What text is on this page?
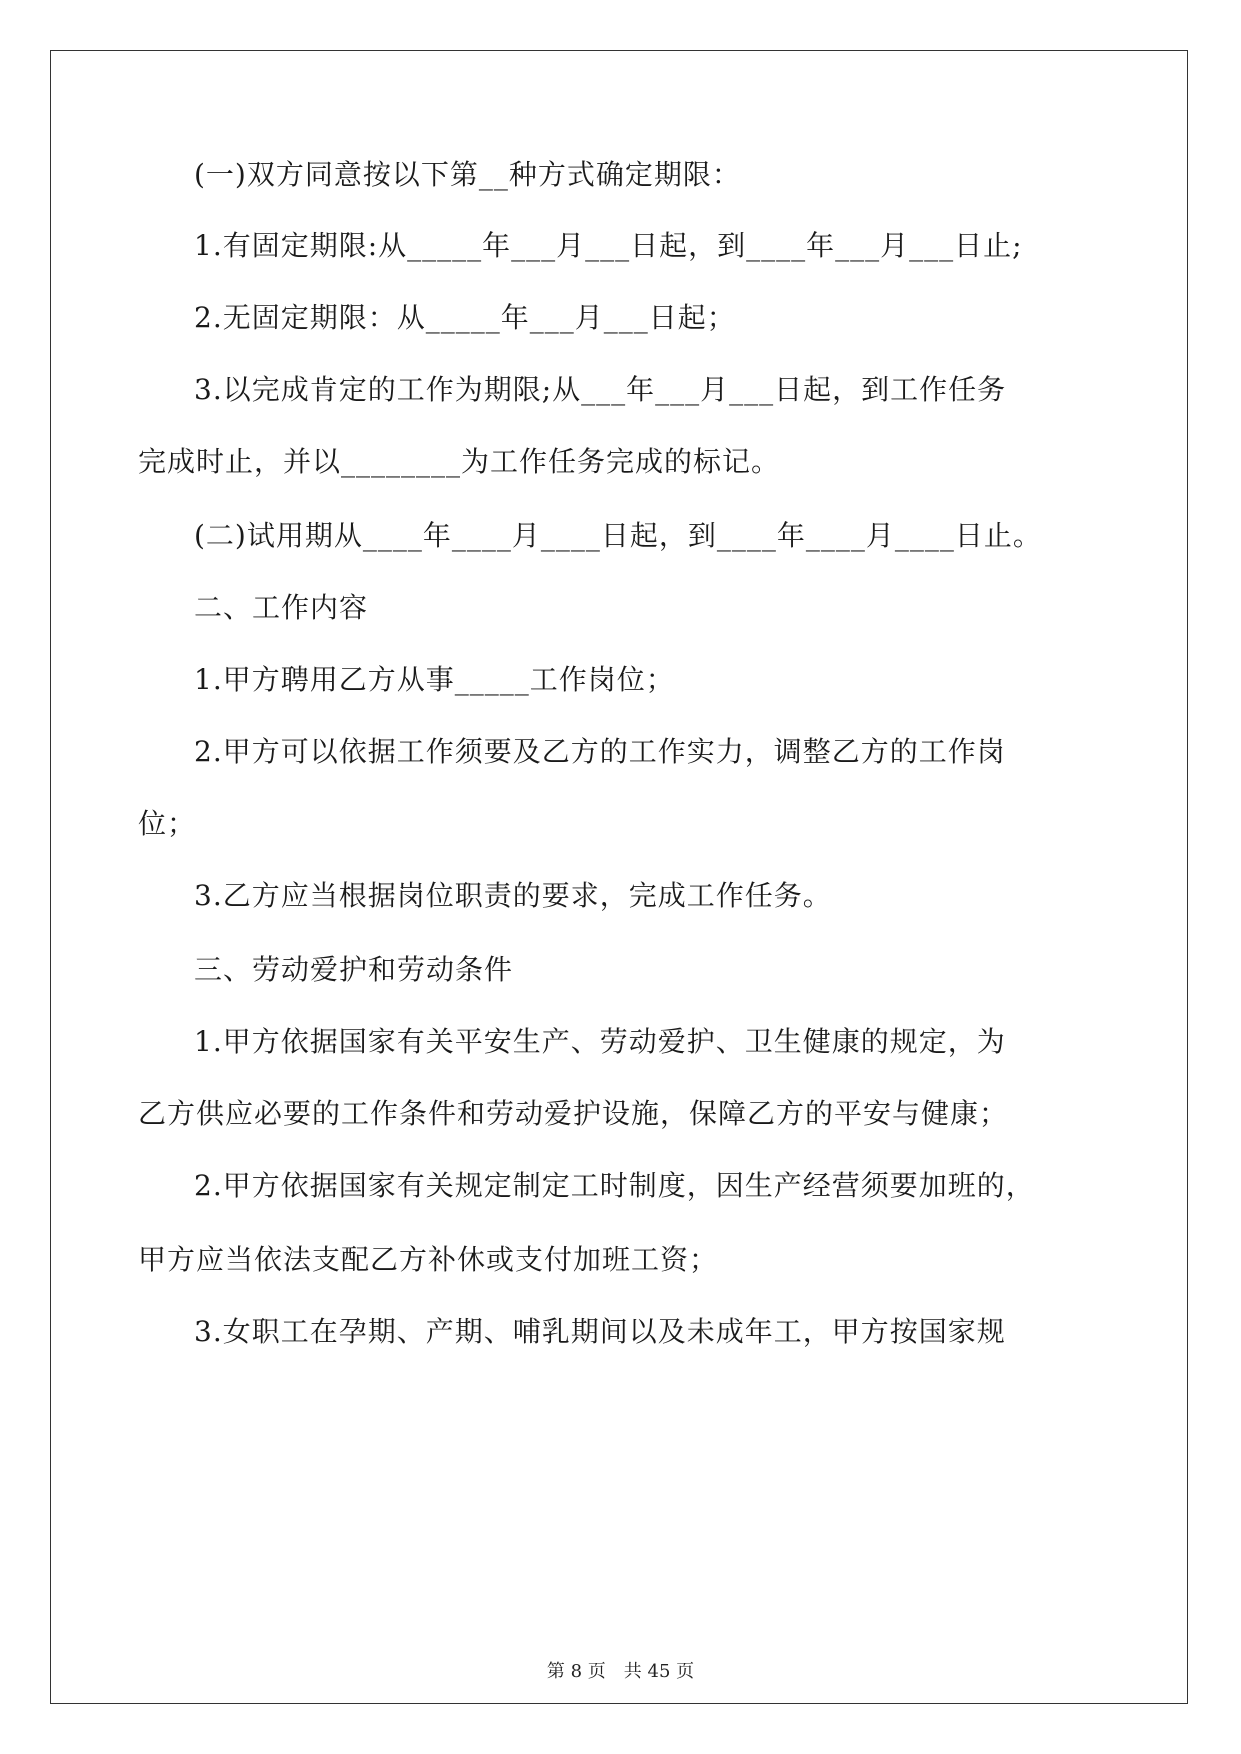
(一)双方同意按以下第__种方式确定期限：
1.有固定期限:从_____年___月___日起，到____年___月___日止;
2.无固定期限：从_____年___月___日起；
3.以完成肯定的工作为期限;从___年___月___日起，到工作任务
完成时止，并以________为工作任务完成的标记。
(二)试用期从____年____月____日起，到____年____月____日止。
二、工作内容
1.甲方聘用乙方从事_____工作岗位；
2.甲方可以依据工作须要及乙方的工作实力，调整乙方的工作岗
位；
3.乙方应当根据岗位职责的要求，完成工作任务。
三、劳动爱护和劳动条件
1.甲方依据国家有关平安生产、劳动爱护、卫生健康的规定，为
乙方供应必要的工作条件和劳动爱护设施，保障乙方的平安与健康；
2.甲方依据国家有关规定制定工时制度，因生产经营须要加班的，
甲方应当依法支配乙方补休或支付加班工资；
3.女职工在孕期、产期、哺乳期间以及未成年工，甲方按国家规
第 8 页　共 45 页
